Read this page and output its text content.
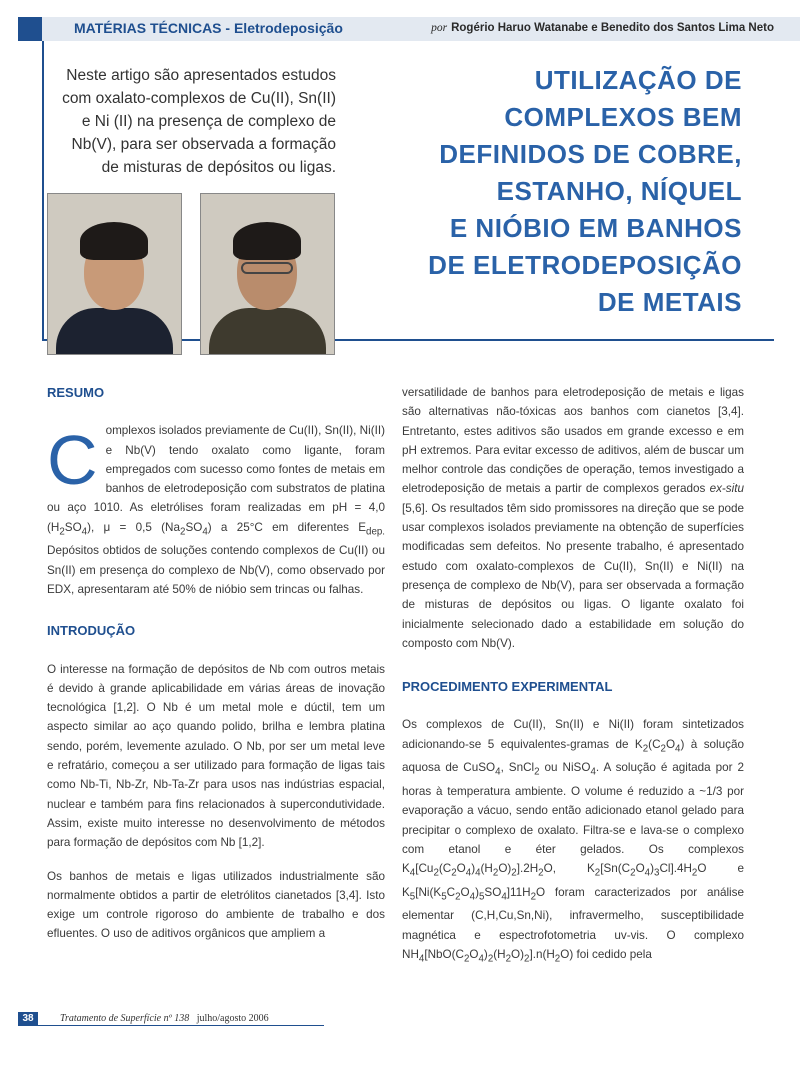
MATÉRIAS TÉCNICAS - Eletrodeposição	por Rogério Haruo Watanabe e Benedito dos Santos Lima Neto
Neste artigo são apresentados estudos com oxalato-complexos de Cu(II), Sn(II) e Ni (II) na presença de complexo de Nb(V), para ser observada a formação de misturas de depósitos ou ligas.
UTILIZAÇÃO DE
COMPLEXOS BEM
DEFINIDOS DE COBRE,
ESTANHO, NÍQUEL
E NIÓBIO EM BANHOS
DE ELETRODEPOSIÇÃO
DE METAIS
RESUMO

Complexos isolados previamente de Cu(II), Sn(II), Ni(II) e Nb(V) tendo oxalato como ligante, foram empregados com sucesso como fontes de metais em banhos de eletrodeposição com substratos de platina ou aço 1010. As eletrólises foram realizadas em pH = 4,0 $(H_2SO_4)$, μ = 0,5 $(Na_2SO_4)$ a 25°C em diferentes $E_{dep.}$ Depósitos obtidos de soluções contendo complexos de Cu(II) ou Sn(II) em presença do complexo de Nb(V), como observado por EDX, apresentaram até 50% de nióbio sem trincas ou falhas.

INTRODUÇÃO

O interesse na formação de depósitos de Nb com outros metais é devido à grande aplicabilidade em várias áreas de inovação tecnológica [1,2]. O Nb é um metal mole e dúctil, tem um aspecto similar ao aço quando polido, brilha e lembra platina sendo, porém, levemente azulado. O Nb, por ser um metal leve e refratário, começou a ser utilizado para formação de ligas tais como Nb-Ti, Nb-Zr, Nb-Ta-Zr para usos nas indústrias espacial, nuclear e também para fins relacionados à supercondutividade. Assim, existe muito interesse no desenvolvimento de métodos para formação de depósitos com Nb [1,2].

Os banhos de metais e ligas utilizados industrialmente são normalmente obtidos a partir de eletrólitos cianetados [3,4]. Isto exige um controle rigoroso do ambiente de trabalho e dos efluentes. O uso de aditivos orgânicos que ampliem a

versatilidade de banhos para eletrodeposição de metais e ligas são alternativas não-tóxicas aos banhos com cianetos [3,4]. Entretanto, estes aditivos são usados em grande excesso e em pH extremos. Para evitar excesso de aditivos, além de buscar um melhor controle das condições de operação, temos investigado a eletrodeposição de metais a partir de complexos gerados ex-situ [5,6]. Os resultados têm sido promissores na direção que se pode usar complexos isolados previamente na obtenção de superfícies modificadas sem defeitos. No presente trabalho, é apresentado estudo com oxalato-complexos de Cu(II), Sn(II) e Ni(II) na presença de complexo de Nb(V), para ser observada a formação de misturas de depósitos ou ligas. O ligante oxalato foi inicialmente selecionado dado a estabilidade em solução do composto com Nb(V).

PROCEDIMENTO EXPERIMENTAL

Os complexos de Cu(II), Sn(II) e Ni(II) foram sintetizados adicionando-se 5 equivalentes-gramas de $K_2(C_2O_4)$ à solução aquosa de CuSO$_4$, SnCl$_2$ ou NiSO$_4$. A solução é agitada por 2 horas à temperatura ambiente. O volume é reduzido a ~1/3 por evaporação a vácuo, sendo então adicionado etanol gelado para precipitar o complexo de oxalato. Filtra-se e lava-se o complexo com etanol e éter gelados. Os complexos $K_4[Cu_2(C_2O_4)_4(H_2O)_2].2H_2O$, $K_2[Sn(C_2O_4)_3Cl].4H_2O$ e $K_5[Ni(K_5C_2O_4)_5SO_4]11H_2O$ foram caracterizados por análise elementar (C,H,Cu,Sn,Ni), infravermelho, susceptibilidade magnética e espectrofotometria uv-vis. O complexo $NH_4[NbO(C_2O_4)_2(H_2O)_2].n(H_2O)$ foi cedido pela

38	Tratamento de Superfície nº 138 julho/agosto 2006
